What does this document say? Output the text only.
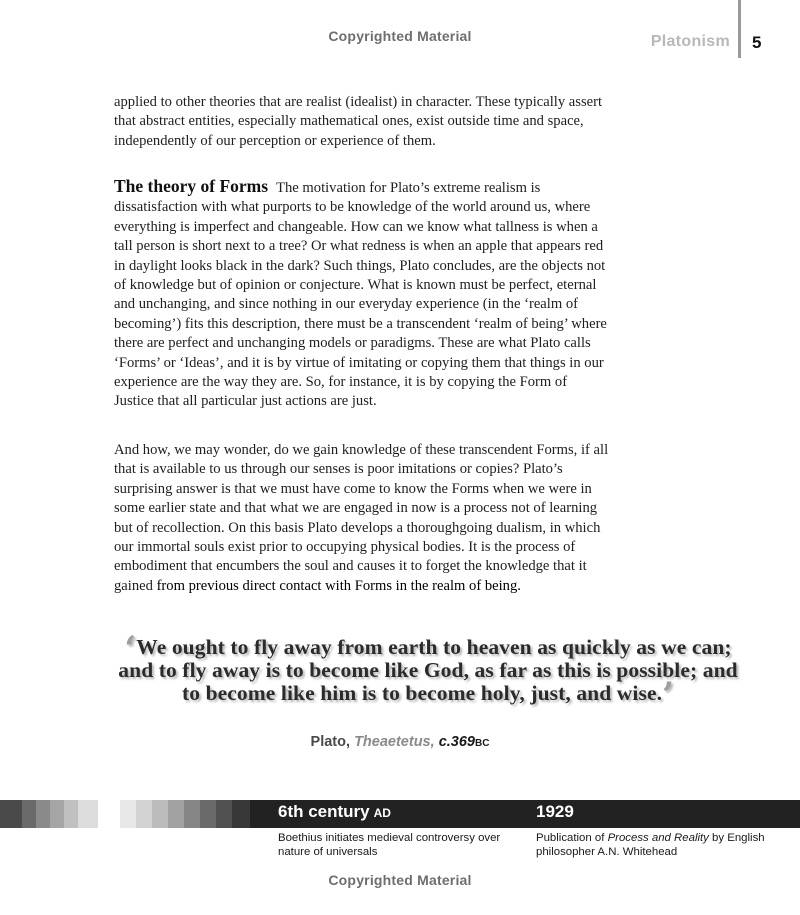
Copyrighted Material	Platonism 5

applied to other theories that are realist (idealist) in character. These typically assert that abstract entities, especially mathematical ones, exist outside time and space, independently of our perception or experience of them.

The theory of Forms The motivation for Plato’s extreme realism is dissatisfaction with what purports to be knowledge of the world around us, where everything is imperfect and changeable. How can we know what tallness is when a tall person is short next to a tree? Or what redness is when an apple that appears red in daylight looks black in the dark? Such things, Plato concludes, are the objects not of knowledge but of opinion or conjecture. What is known must be perfect, eternal and unchanging, and since nothing in our everyday experience (in the ‘realm of becoming’) fits this description, there must be a transcendent ‘realm of being’ where there are perfect and unchanging models or paradigms. These are what Plato calls ‘Forms’ or ‘Ideas’, and it is by virtue of imitating or copying them that things in our experience are the way they are. So, for instance, it is by copying the Form of Justice that all particular just actions are just.

And how, we may wonder, do we gain knowledge of these transcendent Forms, if all that is available to us through our senses is poor imitations or copies? Plato’s surprising answer is that we must have come to know the Forms when we were in some earlier state and that what we are engaged in now is a process not of learning but of recollection. On this basis Plato develops a thoroughgoing dualism, in which our immortal souls exist prior to occupying physical bodies. It is the process of embodiment that encumbers the soul and causes it to forget the knowledge that it gained from previous direct contact with Forms in the realm of being.

‘We ought to fly away from earth to heaven as quickly as we can; and to fly away is to become like God, as far as this is possible; and to become like him is to become holy, just, and wise.’
Plato, Theaetetus, c.369BC
6th century AD
Boethius initiates medieval controversy over nature of universals
1929
Publication of Process and Reality by English philosopher A.N. Whitehead
Copyrighted Material
